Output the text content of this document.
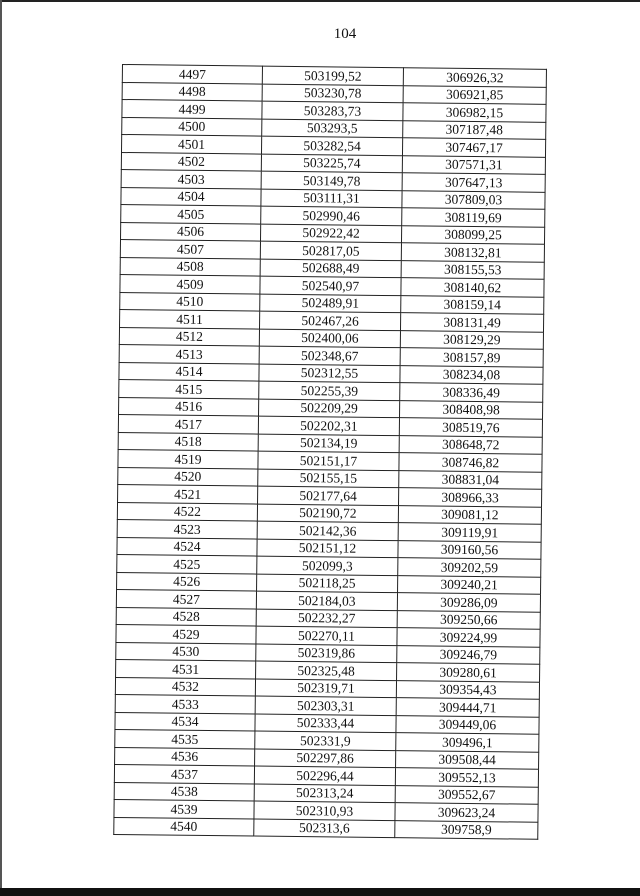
104
4497	503199,52	306926,32
4498	503230,78	306921,85
4499	503283,73	306982,15
4500	503293,5	307187,48
4501	503282,54	307467,17
4502	503225,74	307571,31
4503	503149,78	307647,13
4504	503111,31	307809,03
4505	502990,46	308119,69
4506	502922,42	308099,25
4507	502817,05	308132,81
4508	502688,49	308155,53
4509	502540,97	308140,62
4510	502489,91	308159,14
4511	502467,26	308131,49
4512	502400,06	308129,29
4513	502348,67	308157,89
4514	502312,55	308234,08
4515	502255,39	308336,49
4516	502209,29	308408,98
4517	502202,31	308519,76
4518	502134,19	308648,72
4519	502151,17	308746,82
4520	502155,15	308831,04
4521	502177,64	308966,33
4522	502190,72	309081,12
4523	502142,36	309119,91
4524	502151,12	309160,56
4525	502099,3	309202,59
4526	502118,25	309240,21
4527	502184,03	309286,09
4528	502232,27	309250,66
4529	502270,11	309224,99
4530	502319,86	309246,79
4531	502325,48	309280,61
4532	502319,71	309354,43
4533	502303,31	309444,71
4534	502333,44	309449,06
4535	502331,9	309496,1
4536	502297,86	309508,44
4537	502296,44	309552,13
4538	502313,24	309552,67
4539	502310,93	309623,24
4540	502313,6	309758,9
